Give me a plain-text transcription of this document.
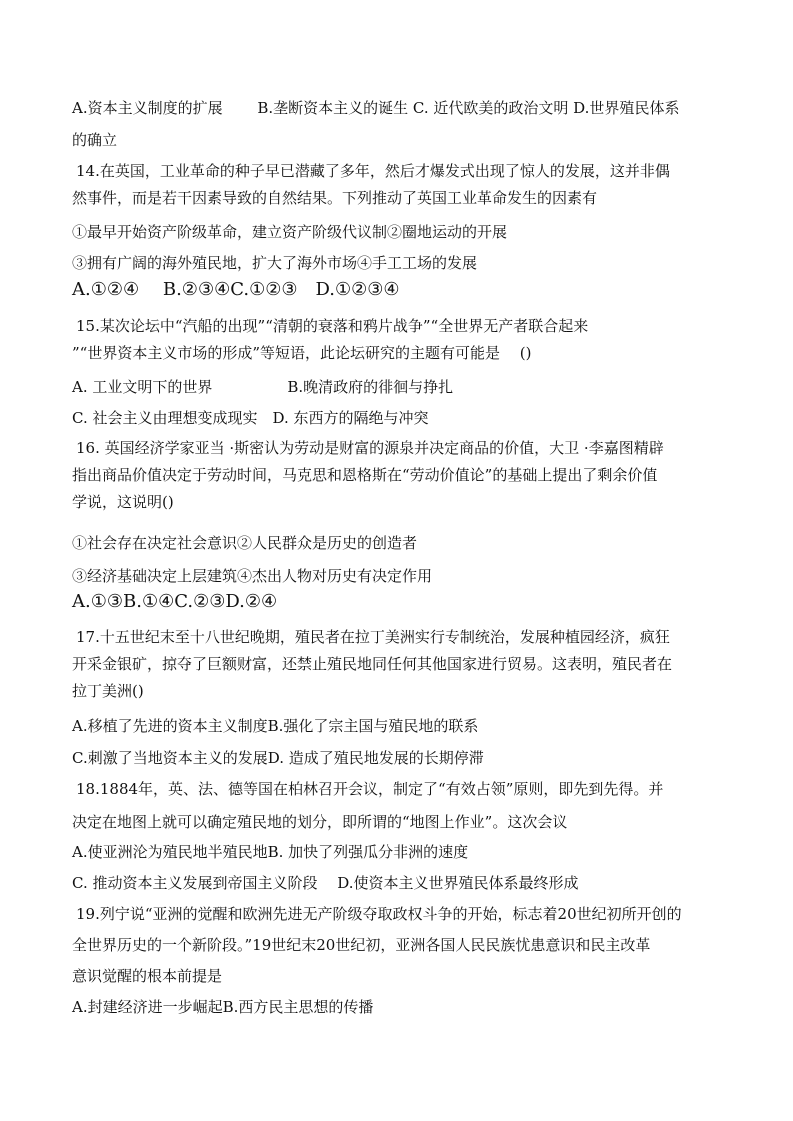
A.资本主义制度的扩展　　 B.垄断资本主义的诞生 C. 近代欧美的政治文明 D.世界殖民体系
的确立
14.在英国，工业革命的种子早已潜藏了多年，然后才爆发式出现了惊人的发展，这并非偶
然事件，而是若干因素导致的自然结果。下列推动了英国工业革命发生的因素有
①最早开始资产阶级革命，建立资产阶级代议制②圈地运动的开展
③拥有广阔的海外殖民地，扩大了海外市场④手工工场的发展
A.①②④　 B.②③④C.①②③　D.①②③④
15.某次论坛中“汽船的出现”“清朝的衰落和鸦片战争”“全世界无产者联合起来
”“世界资本主义市场的形成”等短语，此论坛研究的主题有可能是　 ()
A. 工业文明下的世界　　　　　B.晚清政府的徘徊与挣扎
C. 社会主义由理想变成现实　D. 东西方的隔绝与冲突
16. 英国经济学家亚当 ·斯密认为劳动是财富的源泉并决定商品的价值，大卫 ·李嘉图精辟
指出商品价值决定于劳动时间，马克思和恩格斯在“劳动价值论”的基础上提出了剩余价值
学说，这说明()
①社会存在决定社会意识②人民群众是历史的创造者
③经济基础决定上层建筑④杰出人物对历史有决定作用
A.①③B.①④C.②③D.②④
17.十五世纪末至十八世纪晚期，殖民者在拉丁美洲实行专制统治，发展种植园经济，疯狂
开采金银矿，掠夺了巨额财富，还禁止殖民地同任何其他国家进行贸易。这表明，殖民者在
拉丁美洲()
A.移植了先进的资本主义制度B.强化了宗主国与殖民地的联系
C.刺激了当地资本主义的发展D. 造成了殖民地发展的长期停滞
18.1884年，英、法、德等国在柏林召开会议，制定了“有效占领”原则，即先到先得。并
决定在地图上就可以确定殖民地的划分，即所谓的“地图上作业”。这次会议
A.使亚洲沦为殖民地半殖民地B. 加快了列强瓜分非洲的速度
C. 推动资本主义发展到帝国主义阶段　 D.使资本主义世界殖民体系最终形成
19.列宁说“亚洲的觉醒和欧洲先进无产阶级夺取政权斗争的开始，标志着20世纪初所开创的
全世界历史的一个新阶段。”19世纪末20世纪初，亚洲各国人民民族忧患意识和民主改革
意识觉醒的根本前提是
A.封建经济进一步崛起B.西方民主思想的传播
